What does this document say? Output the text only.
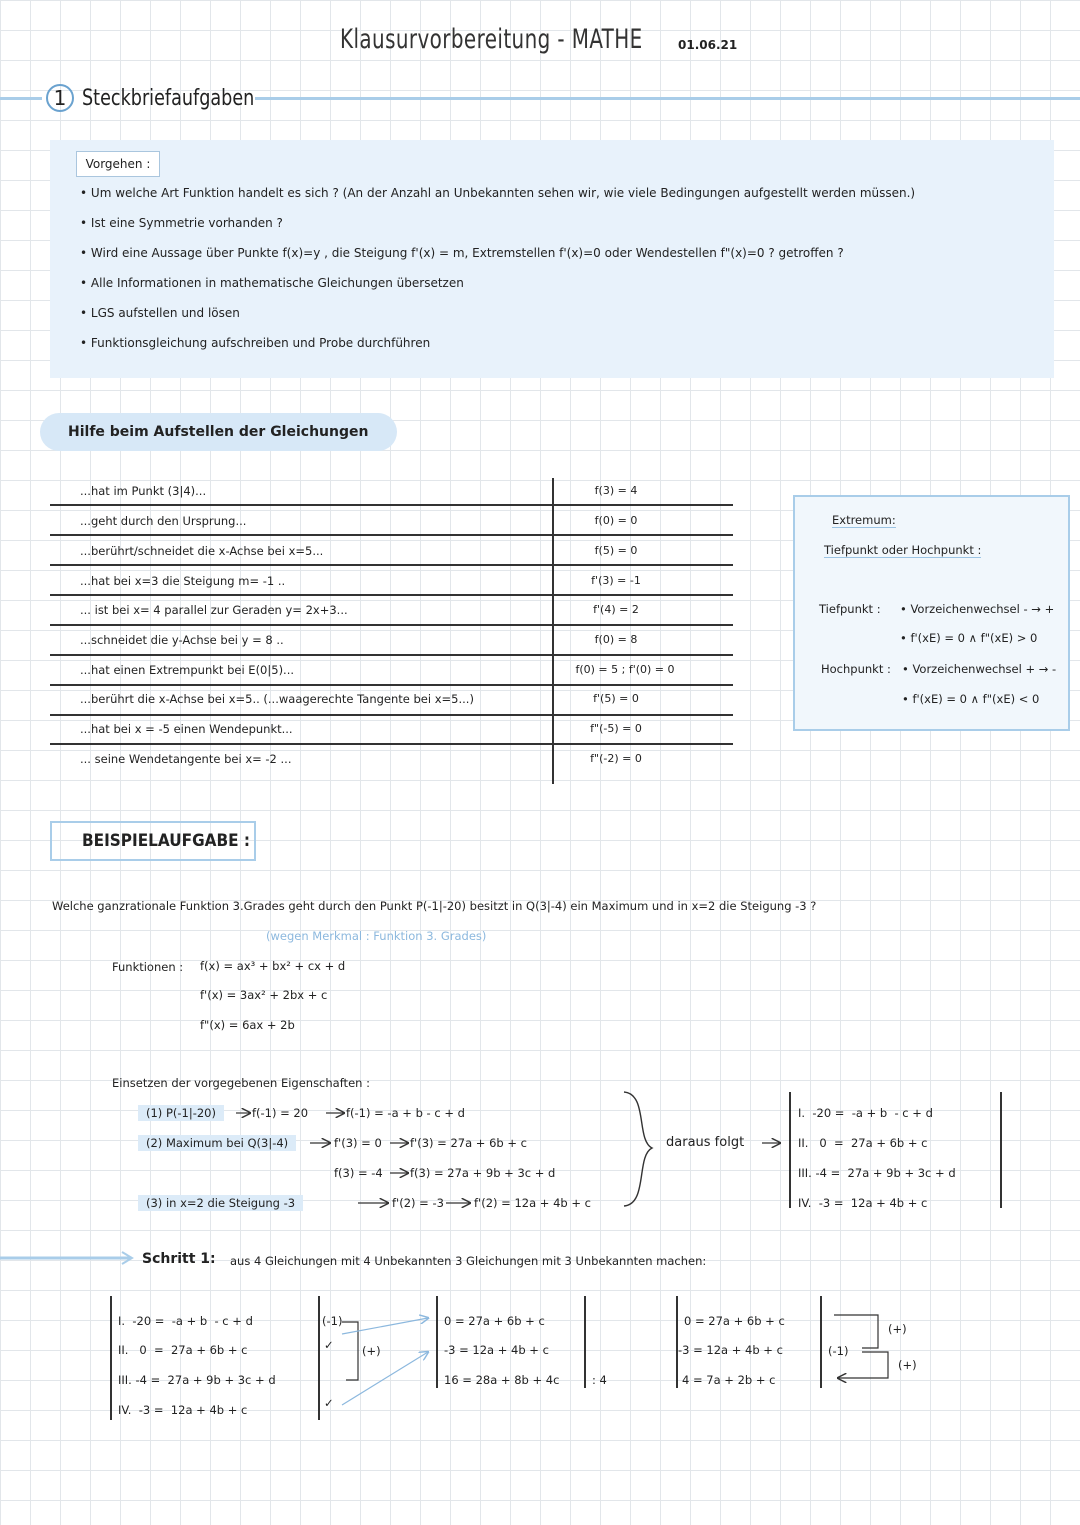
Klausurvorbereitung - MATHE	01.06.21
1 Steckbriefaufgaben
Vorgehen :
• Um welche Art Funktion handelt es sich ? (An der Anzahl an Unbekannten sehen wir, wie viele Bedingungen aufgestellt werden müssen.)
• Ist eine Symmetrie vorhanden ?
• Wird eine Aussage über Punkte f(x)=y , die Steigung f'(x) = m, Extremstellen f'(x)=0 oder Wendestellen f"(x)=0 ? getroffen ?
• Alle Informationen in mathematische Gleichungen übersetzen
• LGS aufstellen und lösen
• Funktionsgleichung aufschreiben und Probe durchführen
Hilfe beim Aufstellen der Gleichungen
...hat im Punkt (3|4)...	f(3) = 4
...geht durch den Ursprung...	f(0) = 0
...berührt/schneidet die x-Achse bei x=5...	f(5) = 0
...hat bei x=3 die Steigung m= -1 ..	f'(3) = -1
... ist bei x= 4 parallel zur Geraden y= 2x+3...	f'(4) = 2
...schneidet die y-Achse bei y = 8 ..	f(0) = 8
...hat einen Extrempunkt bei E(0|5)...	f(0) = 5 ; f'(0) = 0
...berührt die x-Achse bei x=5.. (...waagerechte Tangente bei x=5...)	f'(5) = 0
...hat bei x = -5 einen Wendepunkt...	f"(-5) = 0
... seine Wendetangente bei x= -2 ...	f"(-2) = 0
Extremum:
Tiefpunkt oder Hochpunkt :
Tiefpunkt : • Vorzeichenwechsel - → +
• f'(xE) = 0 ∧ f"(xE) > 0
Hochpunkt : • Vorzeichenwechsel + → -
• f'(xE) = 0 ∧ f"(xE) < 0
BEISPIELAUFGABE :
Welche ganzrationale Funktion 3.Grades geht durch den Punkt P(-1|-20) besitzt in Q(3|-4) ein Maximum und in x=2 die Steigung -3 ?
(wegen Merkmal : Funktion 3. Grades)
Funktionen : f(x) = ax³ + bx² + cx + d
f'(x) = 3ax² + 2bx + c
f"(x) = 6ax + 2b
Einsetzen der vorgegebenen Eigenschaften :
(1) P(-1|-20)	f(-1) = 20	f(-1) = -a + b - c + d
(2) Maximum bei Q(3|-4)	f'(3) = 0 f'(3) = 27a + 6b + c
f(3) = -4 f(3) = 27a + 9b + 3c + d
(3) in x=2 die Steigung -3	f'(2) = -3	f'(2) = 12a + 4b + c
daraus folgt
I.  -20 =  -a + b  - c + d
II.   0  =  27a + 6b + c
III. -4 =  27a + 9b + 3c + d
IV.  -3 =  12a + 4b + c
Schritt 1: aus 4 Gleichungen mit 4 Unbekannten 3 Gleichungen mit 3 Unbekannten machen:
I.  -20 =  -a + b  - c + d
II.   0  =  27a + 6b + c
III. -4 =  27a + 9b + 3c + d
IV.  -3 =  12a + 4b + c
(-1)
(+)
✓
✓
0 = 27a + 6b + c
-3 = 12a + 4b + c
16 = 28a + 8b + 4c	: 4
0 = 27a + 6b + c
-3 = 12a + 4b + c
4 = 7a + 2b + c
(+)
(-1)
(+)
